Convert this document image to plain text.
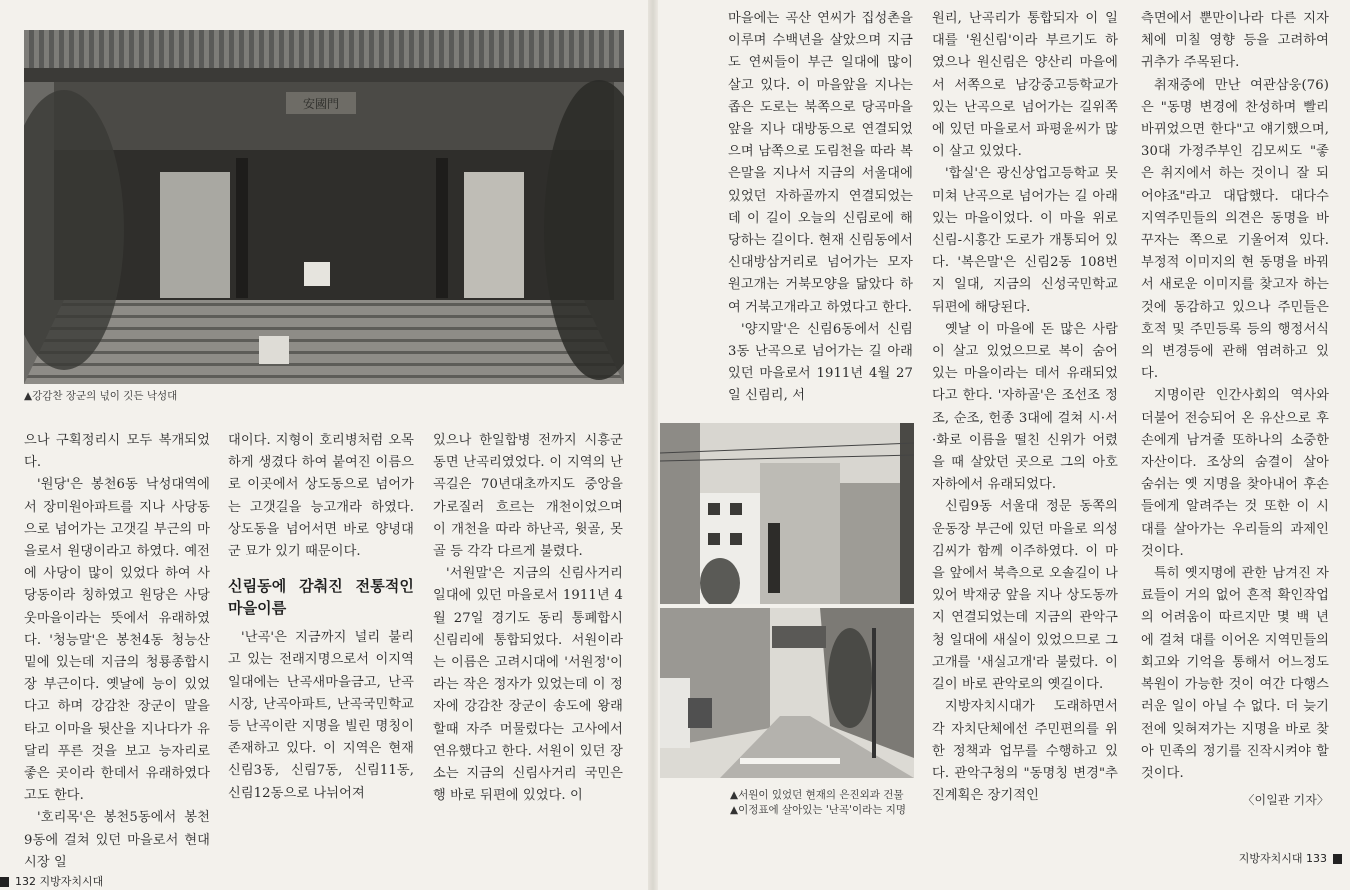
安國門
▲강감찬 장군의 넋이 깃든 낙성대

으나 구획정리시 모두 복개되었다.

'원당'은 봉천6동 낙성대역에서 장미원아파트를 지나 사당동으로 넘어가는 고갯길 부근의 마을로서 원댕이라고 하였다. 예전에 사당이 많이 있었다 하여 사당동이라 칭하였고 원당은 사당 웃마을이라는 뜻에서 유래하였다. '청능말'은 봉천4동 청능산 밑에 있는데 지금의 청룡종합시장 부근이다. 옛날에 능이 있었다고 하며 강감찬 장군이 말을 타고 이마을 뒷산을 지나다가 유달리 푸른 것을 보고 능자리로 좋은 곳이라 한데서 유래하였다고도 한다.

'호리목'은 봉천5동에서 봉천9동에 걸쳐 있던 마을로서 현대시장 일

대이다. 지형이 호리병처럼 오목하게 생겼다 하여 붙여진 이름으로 이곳에서 상도동으로 넘어가는 고갯길을 능고개라 하였다. 상도동을 넘어서면 바로 양녕대군 묘가 있기 때문이다.

신림동에 감춰진 전통적인 마을이름

'난곡'은 지금까지 널리 불리고 있는 전래지명으로서 이지역 일대에는 난곡새마을금고, 난곡시장, 난곡아파트, 난곡국민학교 등 난곡이란 지명을 빌린 명칭이 존재하고 있다. 이 지역은 현재 신림3동, 신림7동, 신림11동, 신림12동으로 나뉘어져

있으나 한일합병 전까지 시흥군 동면 난곡리였었다. 이 지역의 난곡길은 70년대초까지도 중앙을 가로질러 흐르는 개천이었으며 이 개천을 따라 하난곡, 윗골, 못골 등 각각 다르게 불렸다.

'서원말'은 지금의 신림사거리 일대에 있던 마을로서 1911년 4월 27일 경기도 동리 통폐합시 신림리에 통합되었다. 서원이라는 이름은 고려시대에 '서원정'이라는 작은 정자가 있었는데 이 정자에 강감찬 장군이 송도에 왕래할때 자주 머물렀다는 고사에서 연유했다고 한다. 서원이 있던 장소는 지금의 신림사거리 국민은행 바로 뒤편에 있었다. 이

마을에는 곡산 연씨가 집성촌을 이루며 수백년을 살았으며 지금도 연씨들이 부근 일대에 많이 살고 있다. 이 마을앞을 지나는 좁은 도로는 북쪽으로 당곡마을 앞을 지나 대방동으로 연결되었으며 남쪽으로 도림천을 따라 복은말을 지나서 지금의 서울대에 있었던 자하골까지 연결되었는데 이 길이 오늘의 신림로에 해당하는 길이다. 현재 신림동에서 신대방삼거리로 넘어가는 모자원고개는 거북모양을 닮았다 하여 거북고개라고 하였다고 한다.

'양지말'은 신림6동에서 신림3동 난곡으로 넘어가는 길 아래 있던 마을로서 1911년 4월 27일 신림리, 서

원리, 난곡리가 통합되자 이 일대를 '원신림'이라 부르기도 하였으나 원신림은 양산리 마을에서 서쪽으로 남강중고등학교가 있는 난곡으로 넘어가는 길위쪽에 있던 마을로서 파평윤씨가 많이 살고 있었다.

'합실'은 광신상업고등학교 못미쳐 난곡으로 넘어가는 길 아래 있는 마을이었다. 이 마을 위로 신림-시흥간 도로가 개통되어 있다. '복은말'은 신림2동 108번지 일대, 지금의 신성국민학교 뒤편에 해당된다.

옛날 이 마을에 돈 많은 사람이 살고 있었으므로 복이 숨어 있는 마을이라는 데서 유래되었다고 한다. '자하골'은 조선조 정조, 순조, 헌종 3대에 걸쳐 시·서·화로 이름을 떨친 신위가 어렸을 때 살았던 곳으로 그의 아호 자하에서 유래되었다.

신림9동 서울대 정문 동쪽의 운동장 부근에 있던 마을로 의성 김씨가 함께 이주하였다. 이 마을 앞에서 북측으로 오솔길이 나 있어 박재궁 앞을 지나 상도동까지 연결되었는데 지금의 관악구청 일대에 새실이 있었으므로 그 고개를 '새실고개'라 불렀다. 이길이 바로 관악로의 옛길이다.

지방자치시대가 도래하면서 각 자치단체에선 주민편의를 위한 정책과 업무를 수행하고 있다. 관악구청의 "동명칭 변경"추진계획은 장기적인

측면에서 뿐만이나라 다른 지자체에 미칠 영향 등을 고려하여 귀추가 주목된다.

취재중에 만난 여관삼웅(76)은 "동명 변경에 찬성하며 빨리 바뀌었으면 한다"고 얘기했으며, 30대 가정주부인 김모씨도 "좋은 취지에서 하는 것이니 잘 되어야죠"라고 대답했다. 대다수 지역주민들의 의견은 동명을 바꾸자는 쪽으로 기울어져 있다. 부정적 이미지의 현 동명을 바꿔서 새로운 이미지를 찾고자 하는것에 동감하고 있으나 주민들은 호적 및 주민등록 등의 행정서식의 변경등에 관해 염려하고 있다.

지명이란 인간사회의 역사와 더불어 전승되어 온 유산으로 후손에게 남겨줄 또하나의 소중한 자산이다. 조상의 숨결이 살아 숨쉬는 옛 지명을 찾아내어 후손들에게 알려주는 것 또한 이 시대를 살아가는 우리들의 과제인 것이다.

특히 옛지명에 관한 남겨진 자료들이 거의 없어 흔적 확인작업의 어려움이 따르지만 몇 백 년에 걸쳐 대를 이어온 지역민들의 회고와 기억을 통해서 어느정도 복원이 가능한 것이 여간 다행스러운 일이 아닐 수 없다. 더 늦기전에 잊혀져가는 지명을 바로 찾아 민족의 정기를 진작시켜야 할 것이다.

〈이일관 기자〉
▲서원이 있었던 현재의 은진외과 건물
▲이정표에 살아있는 '난곡'이라는 지명
132 지방자치시대
지방자치시대 133
